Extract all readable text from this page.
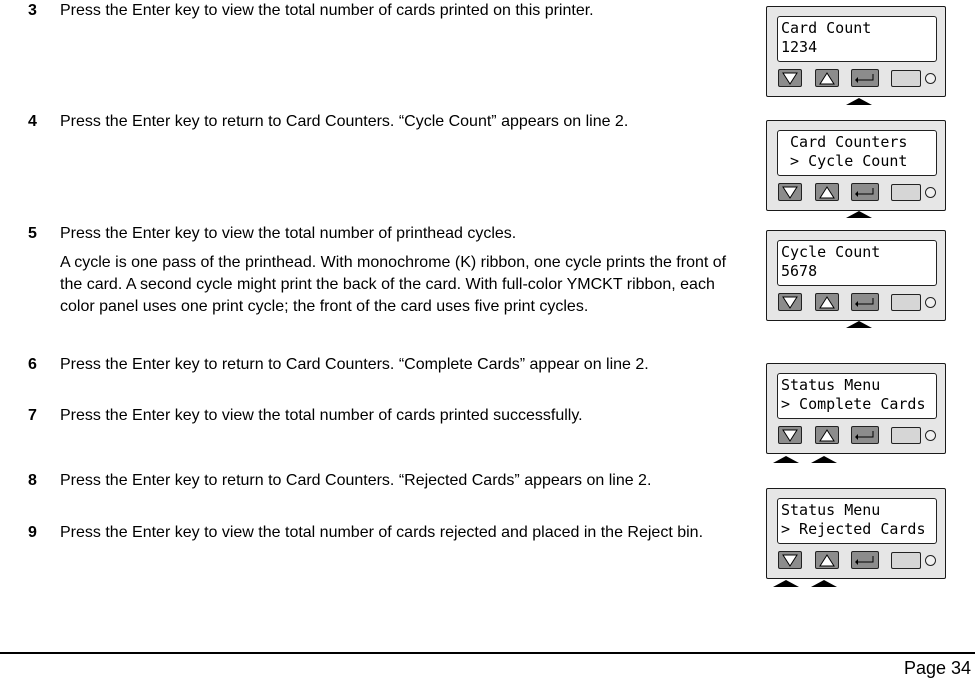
3 Press the Enter key to view the total number of cards printed on this printer.
4 Press the Enter key to return to Card Counters. “Cycle Count” appears on line 2.
5 Press the Enter key to view the total number of printhead cycles.
A cycle is one pass of the printhead. With monochrome (K) ribbon, one cycle prints the front of the card. A second cycle might print the back of the card. With full-color YMCKT ribbon, each color panel uses one print cycle; the front of the card uses five print cycles.
6 Press the Enter key to return to Card Counters. “Complete Cards” appear on line 2.
7 Press the Enter key to view the total number of cards printed successfully.
8 Press the Enter key to return to Card Counters. “Rejected Cards” appears on line 2.
9 Press the Enter key to view the total number of cards rejected and placed in the Reject bin.
Card Count
1234
Card Counters
> Cycle Count
Cycle Count
5678
Status Menu
> Complete Cards
Status Menu
> Rejected Cards
Page 34
